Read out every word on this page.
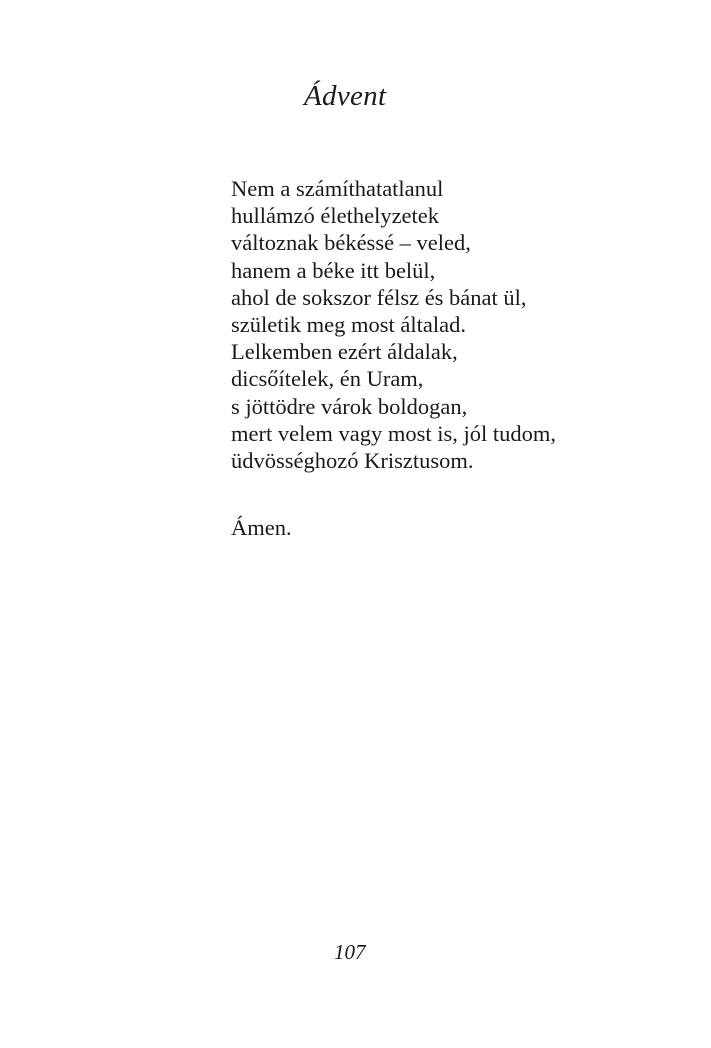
Ádvent
Nem a számíthatatlanul
hullámzó élethelyzetek
változnak békéssé – veled,
hanem a béke itt belül,
ahol de sokszor félsz és bánat ül,
születik meg most általad.
Lelkemben ezért áldalak,
dicsőítelek, én Uram,
s jöttödre várok boldogan,
mert velem vagy most is, jól tudom,
üdvösséghozó Krisztusom.

Ámen.

107
